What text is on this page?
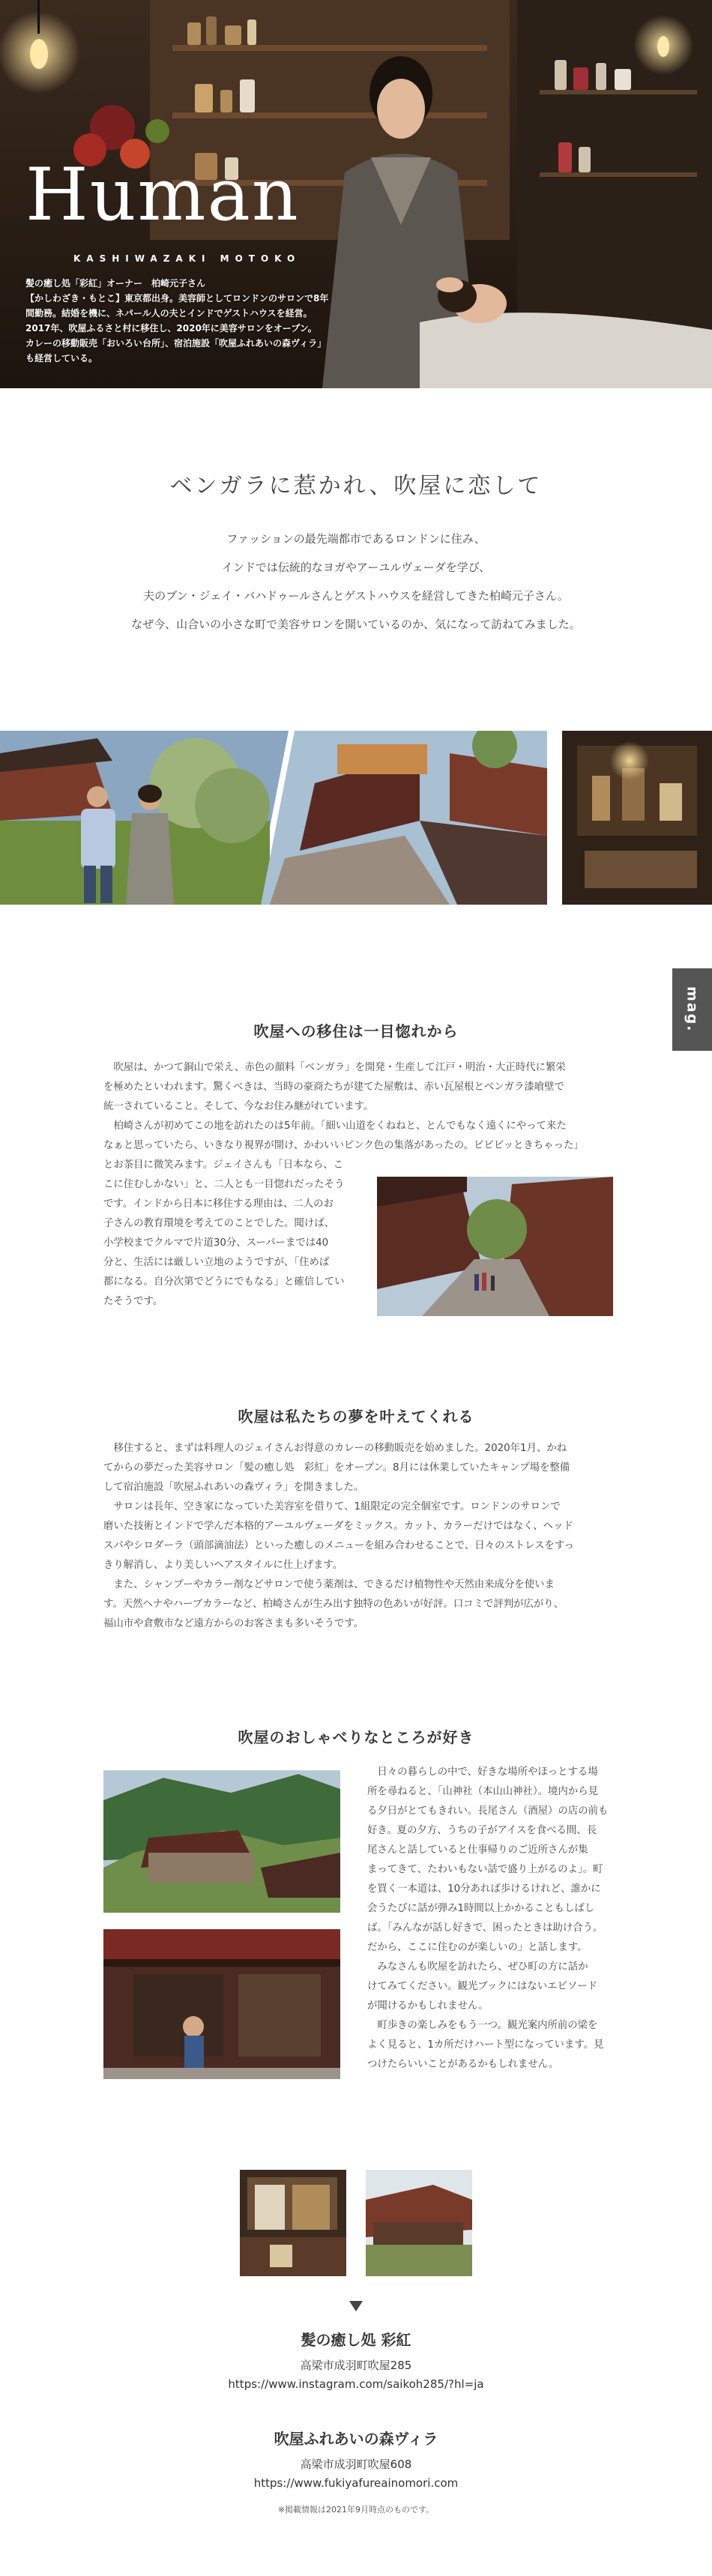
Human
KASHIWAZAKI MOTOKO
髪の癒し処「彩紅」オーナー　柏崎元子さん
【かしわざき・もとこ】東京都出身。美容師としてロンドンのサロンで8年
間勤務。結婚を機に、ネパール人の夫とインドでゲストハウスを経営。
2017年、吹屋ふるさと村に移住し、2020年に美容サロンをオープン。
カレーの移動販売「おいろい台所」、宿泊施設「吹屋ふれあいの森ヴィラ」
も経営している。
ベンガラに惹かれ、吹屋に恋して
ファッションの最先端都市であるロンドンに住み、
インドでは伝統的なヨガやアーユルヴェーダを学び、
夫のブン・ジェイ・バハドゥールさんとゲストハウスを経営してきた柏崎元子さん。
なぜ今、山合いの小さな町で美容サロンを開いているのか、気になって訪ねてみました。
mag.
吹屋への移住は一目惚れから
　吹屋は、かつて銅山で栄え、赤色の顔料「ベンガラ」を開発・生産して江戸・明治・大正時代に繁栄
を極めたといわれます。驚くべきは、当時の豪商たちが建てた屋敷は、赤い瓦屋根とベンガラ漆喰壁で
統一されていること。そして、今なお住み継がれています。
　柏崎さんが初めてこの地を訪れたのは5年前。「細い山道をくねねと、とんでもなく遠くにやって来た
なぁと思っていたら、いきなり視界が開け、かわいいピンク色の集落があったの。ビビビッときちゃった」
とお茶目に微笑みます。ジェイさんも「日本なら、こ
こに住むしかない」と、二人とも一目惚れだったそう
です。インドから日本に移住する理由は、二人のお
子さんの教育環境を考えてのことでした。聞けば、
小学校までクルマで片道30分、スーパーまでは40
分と、生活には厳しい立地のようですが、「住めば
都になる。自分次第でどうにでもなる」と確信してい
たそうです。
吹屋は私たちの夢を叶えてくれる
　移住すると、まずは料理人のジェイさんお得意のカレーの移動販売を始めました。2020年1月、かね
てからの夢だった美容サロン「髪の癒し処　彩紅」をオープン。8月には休業していたキャンプ場を整備
して宿泊施設「吹屋ふれあいの森ヴィラ」を開きました。
　サロンは長年、空き家になっていた美容室を借りて、1組限定の完全個室です。ロンドンのサロンで
磨いた技術とインドで学んだ本格的アーユルヴェーダをミックス。カット、カラーだけではなく、ヘッド
スパやシロダーラ（頭部滴油法）といった癒しのメニューを組み合わせることで、日々のストレスをすっ
きり解消し、より美しいヘアスタイルに仕上げます。
　また、シャンプーやカラー剤などサロンで使う薬剤は、できるだけ植物性や天然由来成分を使いま
す。天然ヘナやハーブカラーなど、柏崎さんが生み出す独特の色あいが好評。口コミで評判が広がり、
福山市や倉敷市など遠方からのお客さまも多いそうです。
吹屋のおしゃべりなところが好き
　日々の暮らしの中で、好きな場所やほっとする場
所を尋ねると、「山神社（本山山神社）。境内から見
る夕日がとてもきれい。長尾さん（酒屋）の店の前も
好き。夏の夕方、うちの子がアイスを食べる間、長
尾さんと話していると仕事帰りのご近所さんが集
まってきて、たわいもない話で盛り上がるのよ」。町
を買く一本道は、10分あれば歩けるけれど、誰かに
会うたびに話が弾み1時間以上かかることもしばし
ば。「みんなが話し好きで、困ったときは助け合う。
だから、ここに住むのが楽しいの」と話します。
　みなさんも吹屋を訪れたら、ぜひ町の方に話か
けてみてください。観光ブックにはないエピソード
が聞けるかもしれません。
　町歩きの楽しみをもう一つ。観光案内所前の梁を
よく見ると、1カ所だけハート型になっています。見
つけたらいいことがあるかもしれません。
髪の癒し処 彩紅
高梁市成羽町吹屋285
https://www.instagram.com/saikoh285/?hl=ja
吹屋ふれあいの森ヴィラ
高梁市成羽町吹屋608
https://www.fukiyafureainomori.com
※掲載情報は2021年9月時点のものです。
